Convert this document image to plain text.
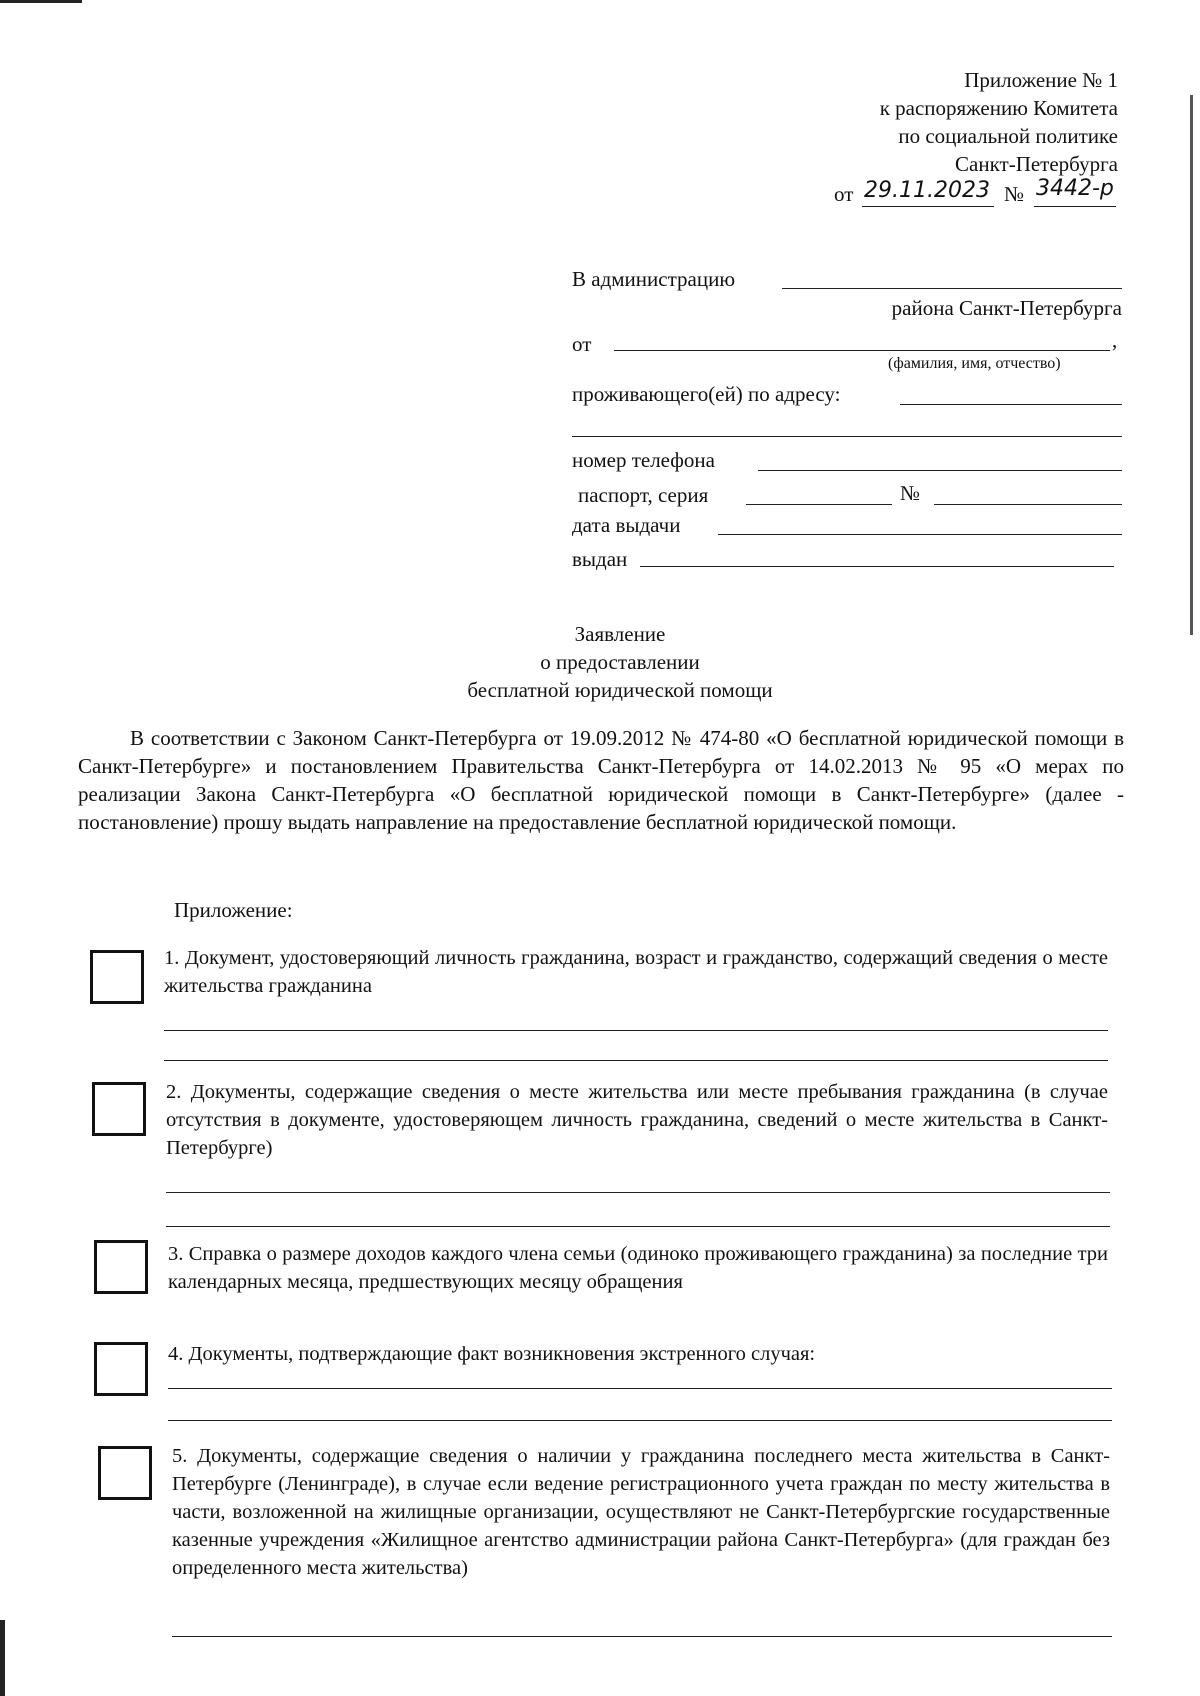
Приложение № 1
к распоряжению Комитета
по социальной политике
Санкт-Петербурга
от 29.11.2023 № 3442-р
В администрацию
района Санкт-Петербурга
от	,
(фамилия, имя, отчество)
проживающего(ей) по адресу:
номер телефона
паспорт, серия	№
дата выдачи
выдан
Заявление
о предоставлении
бесплатной юридической помощи
В соответствии с Законом Санкт-Петербурга от 19.09.2012 № 474-80 «О бесплатной юридической помощи в Санкт-Петербурге» и постановлением Правительства Санкт-Петербурга от 14.02.2013 № 95 «О мерах по реализации Закона Санкт-Петербурга «О бесплатной юридической помощи в Санкт-Петербурге» (далее - постановление) прошу выдать направление на предоставление бесплатной юридической помощи.
Приложение:
1. Документ, удостоверяющий личность гражданина, возраст и гражданство, содержащий сведения о месте жительства гражданина
2. Документы, содержащие сведения о месте жительства или месте пребывания гражданина (в случае отсутствия в документе, удостоверяющем личность гражданина, сведений о месте жительства в Санкт-Петербурге)
3. Справка о размере доходов каждого члена семьи (одиноко проживающего гражданина) за последние три календарных месяца, предшествующих месяцу обращения
4. Документы, подтверждающие факт возникновения экстренного случая:
5. Документы, содержащие сведения о наличии у гражданина последнего места жительства в Санкт-Петербурге (Ленинграде), в случае если ведение регистрационного учета граждан по месту жительства в части, возложенной на жилищные организации, осуществляют не Санкт-Петербургские государственные казенные учреждения «Жилищное агентство администрации района Санкт-Петербурга» (для граждан без определенного места жительства)
